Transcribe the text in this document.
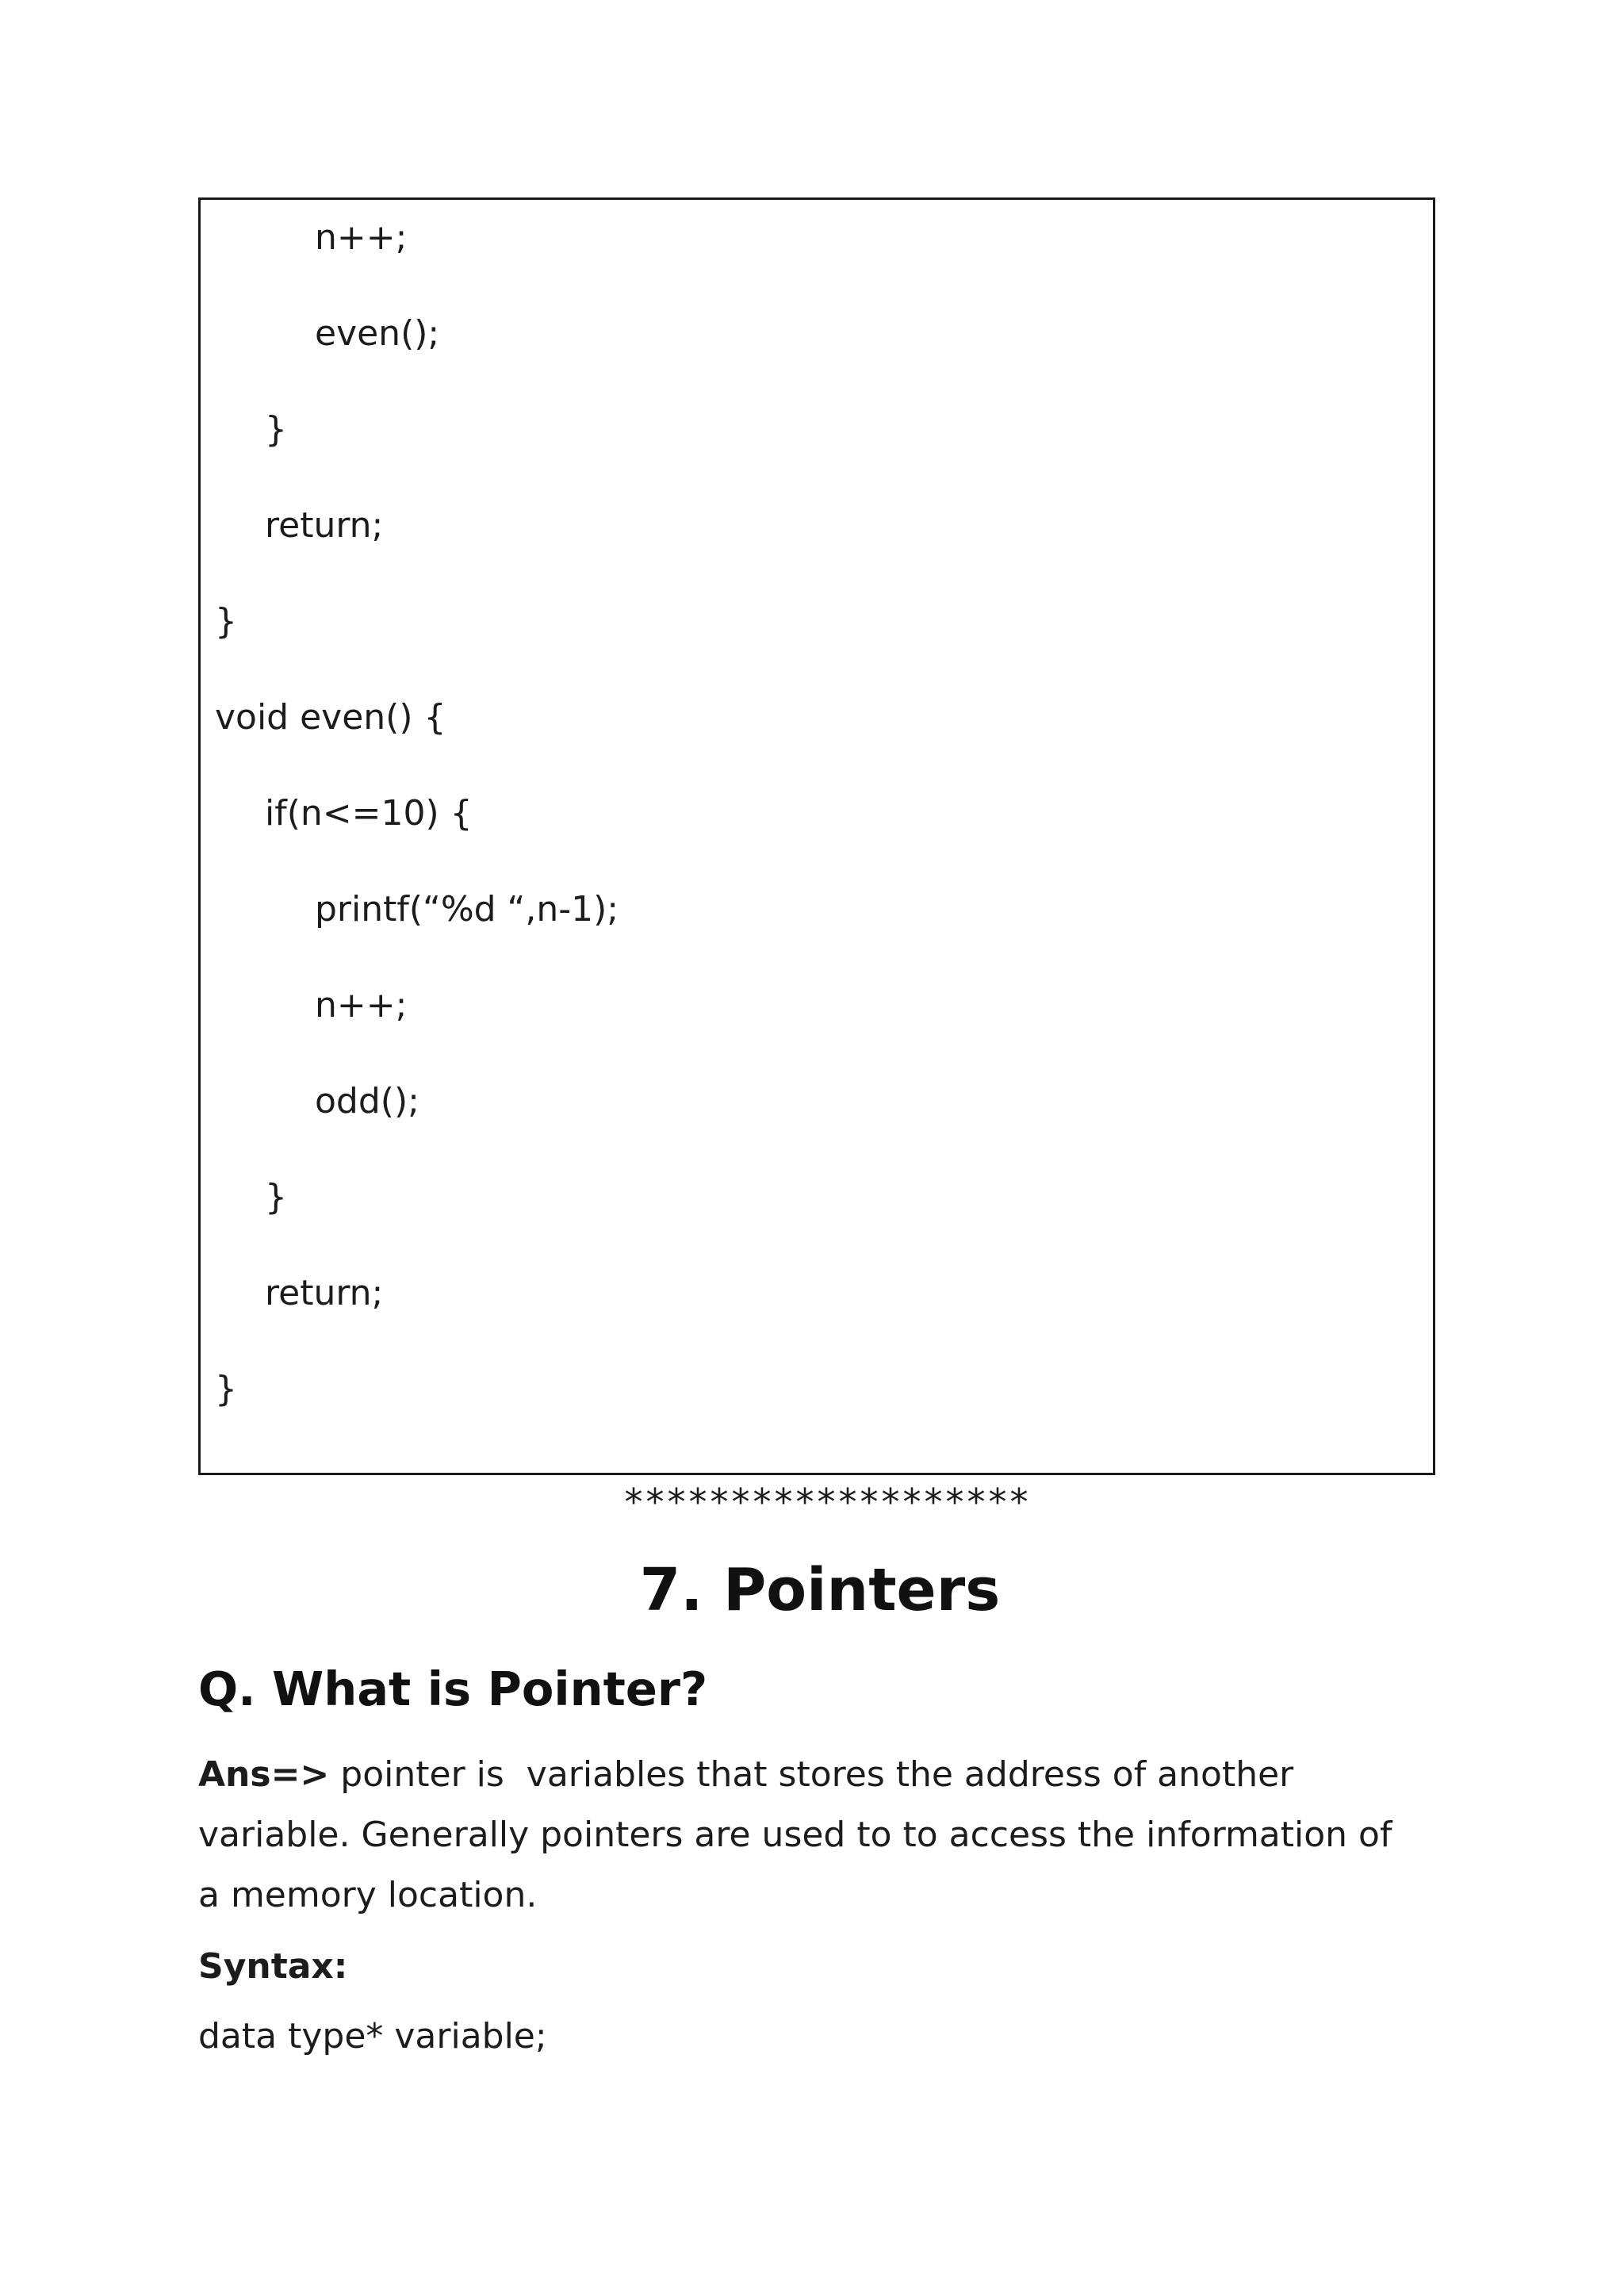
n++;
even();
}
return;
}
void even() {
if(n<=10) {
printf(“%d “,n-1);
n++;
odd();
}
return;
}
*******************
7. Pointers
Q. What is Pointer?
Ans=> pointer is  variables that stores the address of another
variable. Generally pointers are used to to access the information of
a memory location.
Syntax:
data type* variable;
